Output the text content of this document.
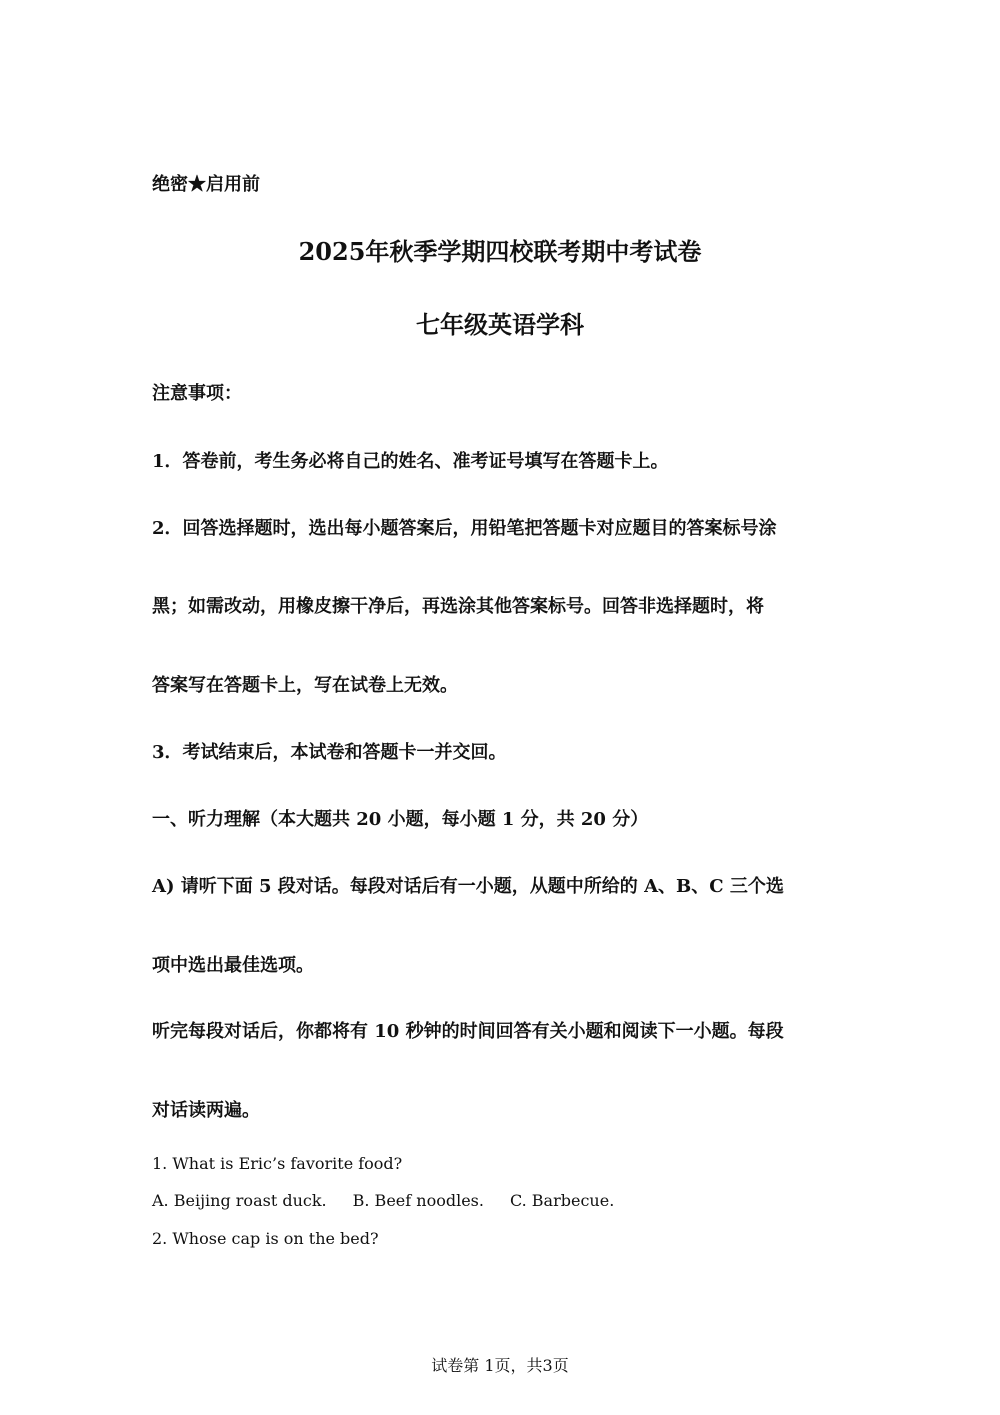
绝密★启用前
2025年秋季学期四校联考期中考试卷
七年级英语学科
注意事项：
1．答卷前，考生务必将自己的姓名、准考证号填写在答题卡上。
2．回答选择题时，选出每小题答案后，用铅笔把答题卡对应题目的答案标号涂
黑；如需改动，用橡皮擦干净后，再选涂其他答案标号。回答非选择题时，将
答案写在答题卡上，写在试卷上无效。
3．考试结束后，本试卷和答题卡一并交回。
一、听力理解（本大题共 20 小题，每小题 1 分，共 20 分）
A) 请听下面 5 段对话。每段对话后有一小题，从题中所给的 A、B、C 三个选
项中选出最佳选项。
听完每段对话后，你都将有 10 秒钟的时间回答有关小题和阅读下一小题。每段
对话读两遍。
1. What is Eric’s favorite food?
A. Beijing roast duck. B. Beef noodles. C. Barbecue.
2. Whose cap is on the bed?
试卷第 1页，共3页
